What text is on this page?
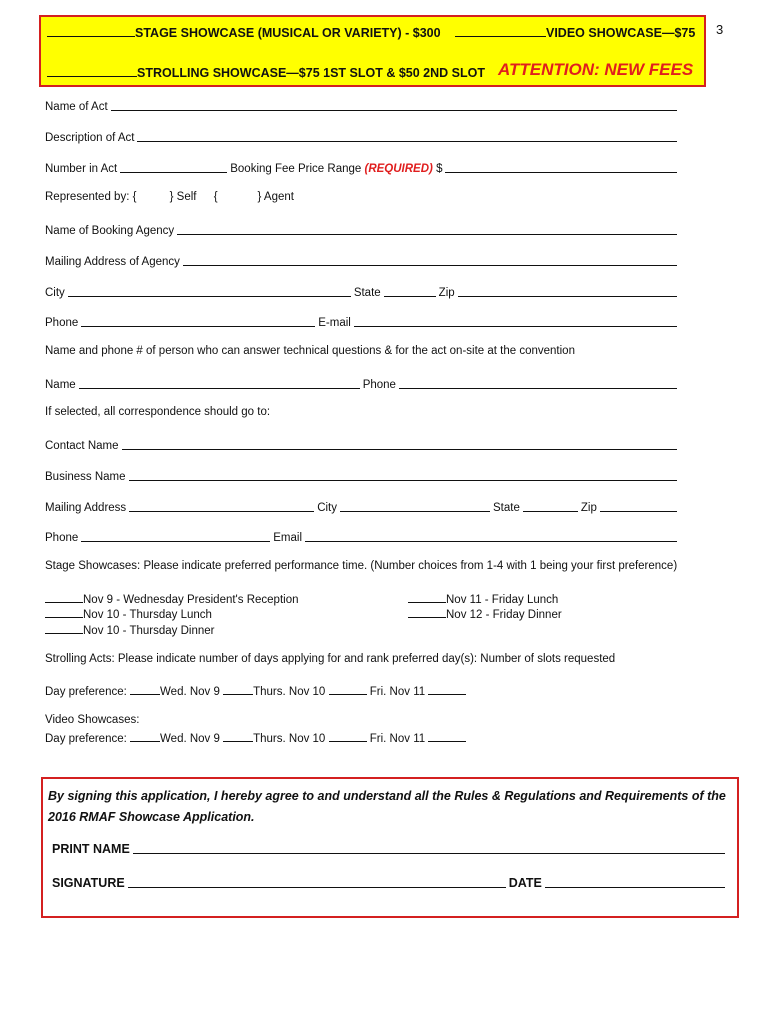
STAGE SHOWCASE (MUSICAL OR VARIETY) - $300	VIDEO SHOWCASE—$75
STROLLING SHOWCASE—$75 1ST SLOT & $50 2ND SLOT ATTENTION: NEW FEES
3
Name of Act
Description of Act
Number in Act	Booking Fee Price Range
(REQUIRED)
$
Represented by: {	} Self {	} Agent
Name of Booking Agency
Mailing Address of Agency
City	State	Zip
Phone	E-mail
Name and phone # of person who can answer technical questions & for the act on-site at the convention
Name	Phone
If selected, all correspondence should go to:
Contact Name
Business Name
Mailing Address	City	State	Zip
Phone	Email
Stage Showcases: Please indicate preferred performance time. (Number choices from 1-4 with 1 being your first preference)
Nov 9 - Wednesday President's Reception
Nov 10 - Thursday Lunch
Nov 10 - Thursday Dinner
Nov 11 - Friday Lunch
Nov 12 - Friday Dinner
Strolling Acts: Please indicate number of days applying for and rank preferred day(s): Number of slots requested
Day preference:	Wed. Nov 9	Thurs. Nov 10	Fri. Nov 11
Video Showcases:
Day preference:	Wed. Nov 9	Thurs. Nov 10	Fri. Nov 11
By signing this application, I hereby agree to and understand all the Rules & Regulations and Requirements of the 2016 RMAF Showcase Application.
PRINT NAME
SIGNATURE	DATE
